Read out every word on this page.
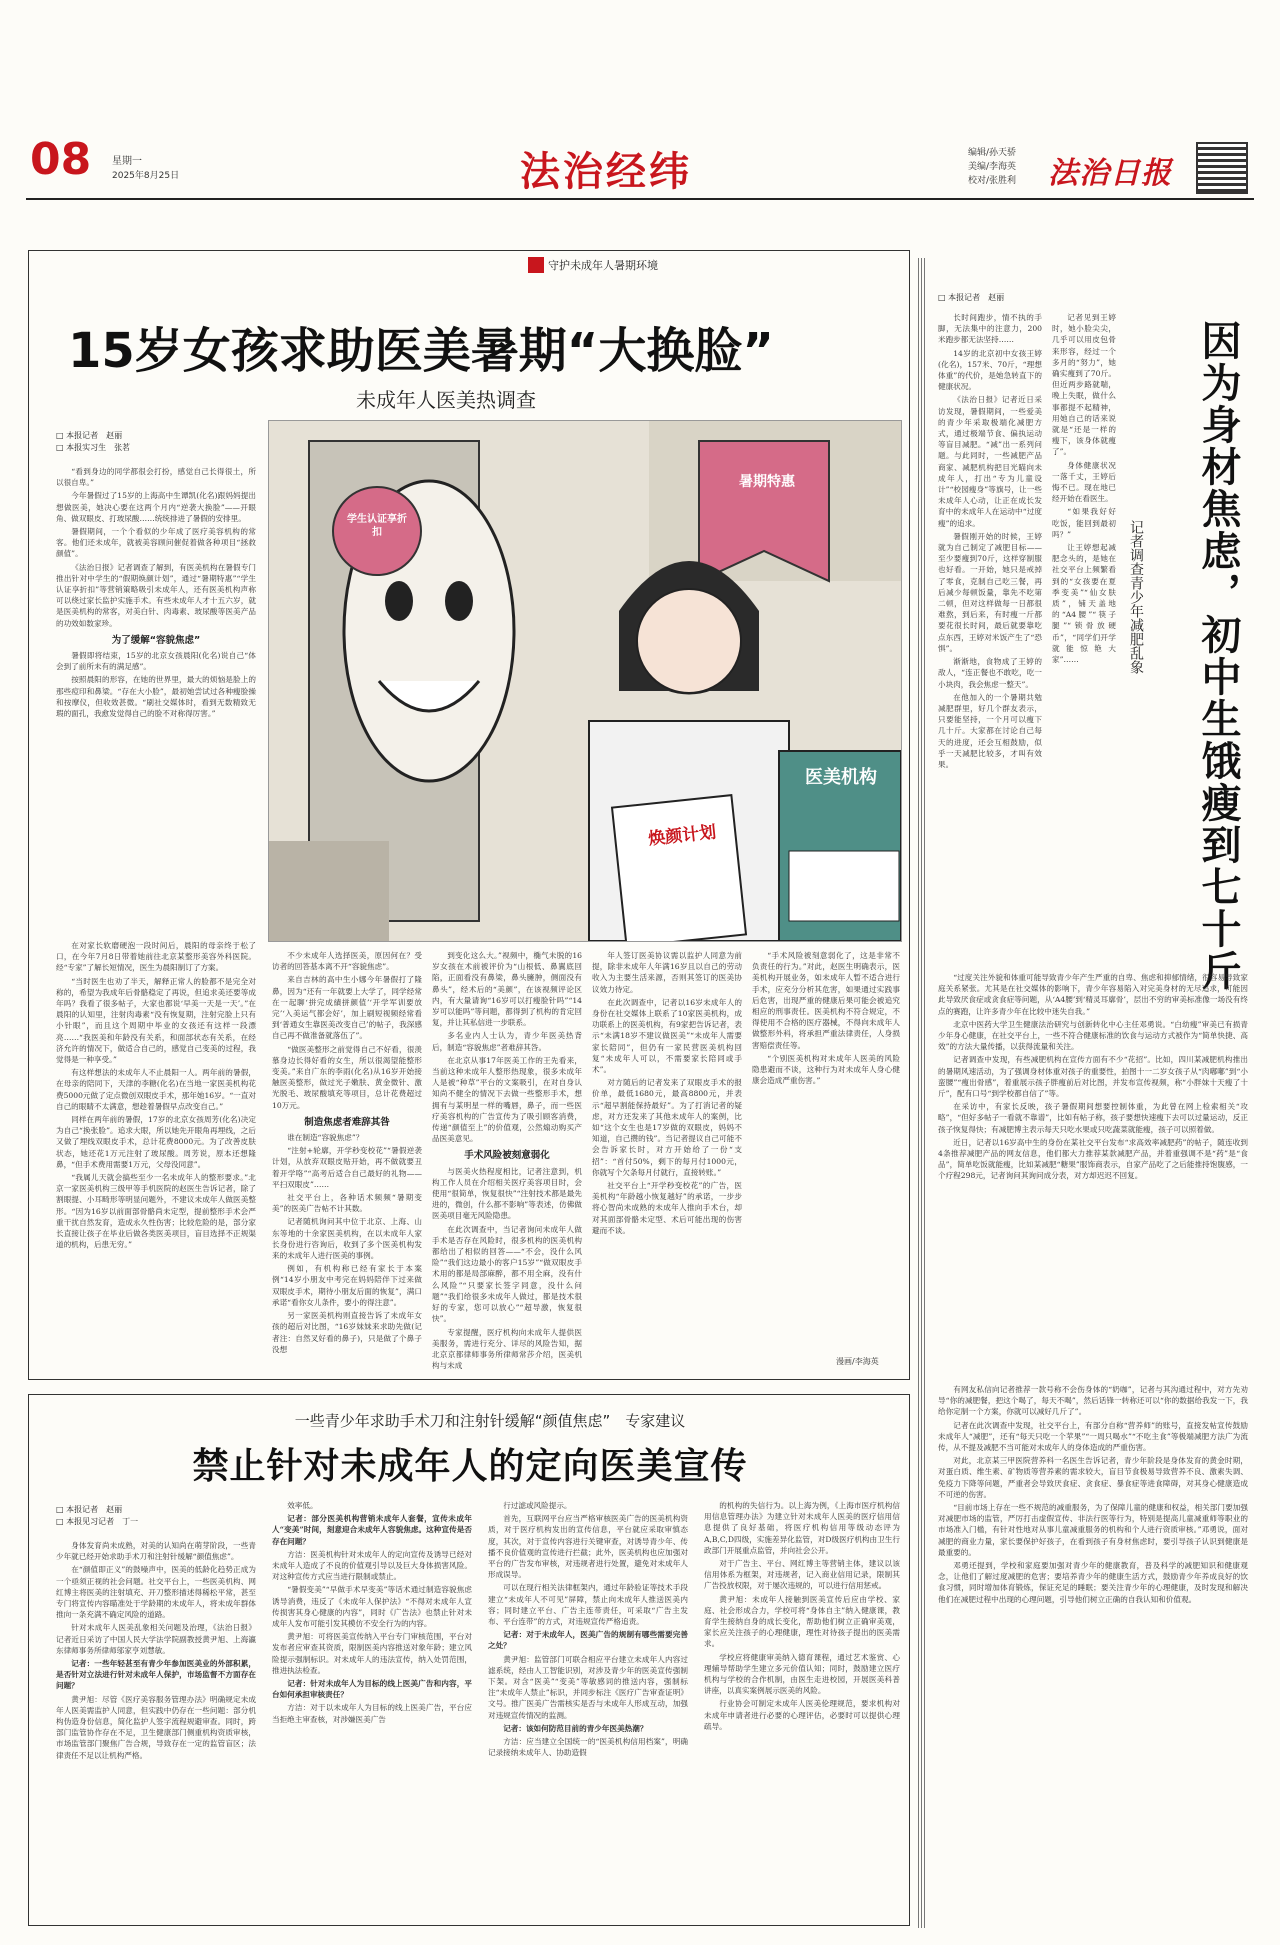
08 星期一
2025年8月25日	法治经纬	编辑/孙天骄
美编/李海英
校对/张胜利 法治日报
守护未成年人暑期环境
15岁女孩求助医美暑期“大换脸”
未成年人医美热调查
□ 本报记者　赵丽
□ 本报实习生　张茗
暑期特惠
学生认证享折扣
医美机构
焕颜计划

“看到身边的同学都很会打扮，感觉自己长得很土，所以很自卑。”

今年暑假过了15岁的上海高中生谭凯(化名)跟妈妈提出想做医美，她决心要在这两个月内“逆袭大换脸”——开眼角、做双眼皮、打玻尿酸……统统排进了暑假的安排里。

暑假期间，一个个看似的少年成了医疗美容机构的常客。他们还未成年，就被美容顾问催促着做各种项目“拯救颜值”。

《法治日报》记者调查了解到，有医美机构在暑假专门推出针对中学生的“假期焕颜计划”，通过“暑期特惠”“学生认证享折扣”等营销策略吸引未成年人，还有医美机构声称可以绕过家长监护实施手术。有些未成年人才十五六岁，就是医美机构的常客，对美白针、肉毒素、玻尿酸等医美产品的功效如数家珍。

为了缓解“容貌焦虑”

暑假即将结束，15岁的北京女孩晨阳(化名)说自己“体会到了前所未有的满足感”。

按照晨阳的形容，在她的世界里，最大的烦恼是脸上的那些痘印和鼻梁。“存在大小脸”，最初她尝试过各种瘦脸操和按摩仪，但收效甚微。“刷社交媒体时，看到无数精致无瑕的面孔，我愈发觉得自己的脸不对称得厉害。”

在对家长软磨硬泡一段时间后，晨阳的母亲终于松了口，在今年7月8日带着她前往北京某整形美容外科医院。经“专家”了解长短情况，医生为晨阳制订了方案。

“当时医生也劝了半天，解释正常人的脸都不是完全对称的，希望为我成年后骨骼稳定了再说，但追求美还要等成年吗？我看了很多帖子，大家也都说‘早美一天是一天’。”在晨阳的认知里，注射肉毒素“没有恢复期，注射完脸上只有小针眼”，而且这个周期中毕业的女孩还有这样一段漂亮……“我医美和年龄没有关系，和面部状态有关系，在经济允许的情况下，做适合自己的，感觉自己变美的过程，我觉得是一种享受。”

有这样想法的未成年人不止晨阳一人。两年前的暑假，在母亲的陪同下，天津的李糖(化名)在当地一家医美机构花费5000元做了定点微创双眼皮手术，那年她16岁。“一直对自己的眼睛不太满意，想趁着暑假早点改变自己。”

同样在两年前的暑假，17岁的北京女孩周芳(化名)决定为自己“换张脸”。追求大眼，所以她先开眼角再埋线，之后又做了埋线双眼皮手术，总计花费8000元。为了改善皮肤状态，她还花1万元注射了玻尿酸。周芳说，原本还想隆鼻，“但手术费用需要1万元，父母没同意”。

“我属儿天就会搞些至少一名未成年人的整形要求。”北京一家医美机构三级甲等手机医院的赵医生告诉记者，除了割眼提、小耳畸形等明显问题外，不建议未成年人做医美整形。“因为16岁以前面部骨骼尚未定型，提前整形手术会严重干扰自然发育，造成永久性伤害；比较危险的是，部分家长直接让孩子在毕业后做各类医美项目，盲目选择不正规渠道的机构，后患无穷。”

不少未成年人选择医美，原因何在？受访者的回答基本离不开“容貌焦虑”。

来自吉林的高中生小娜今年暑假打了隆鼻，因为“还有一年就要上大学了，同学经常在一起聊‘拼完成績拼颜值’‘开学军训要放完’‘入美运气都会好’，加上刷短视频经常看到‘普通女生靠医美改变自己’的帖子，我深感自己再不做准备就落伍了”。

“做医美整形之前觉得自己不好看，很羡慕身边长得好看的女生，所以很渴望能整形变美。”来自广东的李雨(化名)从16岁开始接触医美整形，做过光子嫩肤、黄金微针、激光脱毛、玻尿酸填充等项目，总计花费超过10万元。

制造焦虑者难辞其咎

谁在制造“容貌焦虑”？

“注射+轮廓，开学秒变校花”“暑假逆袭计划，从放弃双眼皮贴开始，再不做就要丑着开学咯”“高考后适合自己最好的礼物——平扫双眼皮”……

社交平台上，各种话术频频“暑期变美”的医美广告帖不计其数。

记者随机询问其中位于北京、上海、山东等地的十余家医美机构，在以未成年人家长身份进行咨询后，收到了多个医美机构发来的未成年人进行医美的事例。

例如，有机构称已经有家长于本案例“14岁小朋友中考完在妈妈陪伴下过来做双眼皮手术，期待小朋友后面的恢复”，满口承诺“看你女儿条件，要小的得注意”。

另一家医美机构则直接告诉了未成年女孩的超后对比图，“16岁妹妹来求助先做(记者注：自然叉好看的鼻子)，只是做了个鼻子没想

到变化这么大。”视频中，椭气未脱的16岁女孩在术前被评价为“山根低、鼻翼底回陷，正面看没有鼻梁，鼻头臃肿，侧面没有鼻头”，经术后的“美颜”，在该视频评论区内，有大量请询“16岁可以打瘦脸针吗”“14岁可以能吗”等问题，都得到了机构的肯定回复，并让其私信进一步联系。

多名业内人士认为，青少年医美热背后，制造“容貌焦虑”者难辞其咎。

在北京从事17年医美工作的王先看来，当前这种未成年人整形热现象，很多未成年人是被“种草”平台的文案吸引，在对自身认知尚不健全的情况下去做一些整形手术，想拥有与某明星一样的嘴唇，鼻子，而一些医疗美容机构的广告宣传为了吸引顾客消费，传递“颜值至上”的价值观，公然煽动购买产品医美意见。

手术风险被刻意弱化

与医美火热程度相比，记者注意到，机构工作人员在介绍相关医疗美容项目时，会使用“很简单，恢复很快”“注射技术都是最先进的，微创，什么都不影响”等表述，仿佛做医美项目毫无风险隐患。

在此次调查中，当记者询问未成年人做手术是否存在风险时，很多机构的医美机构都给出了相似的回答——“不会，没什么风险”“我们这边最小的客户15岁”“做双眼皮手术用的都是局部麻醉，都不用全麻，没有什么风险”“只要家长签字同意，没什么问题”“我们给很多未成年人做过，都是技术很好的专家，您可以放心”“超导激，恢复很快”。

专家提醒，医疗机构向未成年人提供医美服务，需进行充分、详尽的风险告知，据北京京都律师事务所律师常莎介绍，医美机构与未成

年人签订医美协议需以监护人同意为前提，除非未成年人年满16岁且以自己的劳动收入为主要生活来源，否则其签订的医美协议效力待定。

在此次调查中，记者以16岁未成年人的身份在社交媒体上联系了10家医美机构，成功联系上的医美机构，有9家把告诉记者，表示“未满18岁不建议做医美”“未成年人需要家长陪同”，但仍有一家民营医美机构回复“未成年人可以，不需要家长陪同或手术”。

对方随后的记者发来了双眼皮手术的报价单，最低1680元，最高8800元，并表示“超早割能保持最好”。为了打消记者的疑虑，对方还发来了其他未成年人的案例，比如“这个女生也是17岁做的双眼皮，妈妈不知道，自己攒的钱”。当记者提议自己可能不会告诉家长时，对方开始给了一份“支招”：“首付50%，剩下的每月付1000元，你就写个欠条每月付就行，直接转账。”

社交平台上“开学秒变校花”的广告，医美机构“年龄越小恢复越好”的承诺，一步步将心智尚未成熟的未成年人推向手术台，却对其面部骨骼未定型、术后可能出现的伤害避而不谈。

“手术风险被刻意弱化了，这是非常不负责任的行为。”对此，赵医生明确表示，医美机构开展业务，如未成年人暂不适合进行手术，应充分分析其危害，如果通过实践事后危害，出现严重的健康后果可能会被追究相应的刑事责任。医美机构不符合规定，不得使用不合格的医疗器械，不得向未成年人做整形外科，将承担严重法律责任，人身损害赔偿责任等。

“个别医美机构对未成年人医美的风险隐患避而不谈，这种行为对未成年人身心健康会造成严重伤害。”

漫画/李海英
□ 本报记者　赵丽
因为身材焦虑，初中生饿瘦到七十斤
记者调查青少年减肥乱象

长时间跑步，情不执的手脚，无法集中的注意力，200米跑步都无法坚持……

14岁的北京初中女孩王婷(化名)，157米、70斤，“理想体重”的代价，是她急转直下的健康状况。

《法治日报》记者近日采访发现，暑假期间，一些爱美的青少年采取极端化减肥方式，通过极端节食、偏执运动等盲目减肥。“减”出一系列问题。与此同时，一些减肥产品商家、减肥机构把目光瞄向未成年人，打出“专为儿童设计”“校园瘦身”等旗号，让一些未成年人心动，让正在成长发育中的未成年人在运动中“过度瘦”的追求。

暑假刚开始的时候，王婷就为自己制定了减肥目标——至少要瘦到70斤，这样穿制服也好看。一开始，她只是戒掉了零食，克制自己吃三餐，再后减少每顿饭量，靠先不吃第二顿，但对这样做每一日都很难熬，到后来，有时瘦一斤都要花很长时间，最后就要靠吃点东西，王婷对米饭产生了“恐惧”。

渐渐地，食物成了王婷的敌人，“连正餐也不敢吃，吃一小块肉，我会焦虑一整天”。

在他加入的一个暑期共勉减肥群里，好几个群友表示，只要能坚持，一个月可以瘦下几十斤。大家都在讨论自己每天的进度，还会互相鼓励，似乎一天减肥比较多，才叫有效果。

记者见到王婷时，她小脸尖尖，几乎可以用皮包骨来形容，经过一个多月的“努力”，她确实瘦到了70斤。但近两步路就喘，晚上失眠，做什么事都提不起精神，用她自己的话来说就是“还是一样的瘦下，该身体就瘦了”。

身体健康状况一落千丈，王婷后悔不已。现在地已经开始在看医生。

“如果我好好吃饭，能回到最初吗？”

让王婷想起减肥念头的，是她在社交平台上频繁看到的“女孩要在夏季变美”“仙女肤质”，铺天盖地的“A4腰”“筷子腿”“锁骨放硬币”，“同学们开学就能惊艳大家”……

“过度关注外貌和体重可能导致青少年产生严重的自卑、焦虑和抑郁情绪，很容易导致家庭关系紧张。尤其是在社交媒体的影响下，青少年容易陷入对完美身材的无尽追求，可能因此导致厌食症或贪食症等问题，从‘A4腰’到‘精灵耳廓骨’，层出不穷的审美标准像一场没有终点的赛跑，让许多青少年在比较中迷失自我。”

北京中医药大学卫生健康法治研究与创新转化中心主任邓勇说。“白幼瘦”审美已有损青少年身心健康，在社交平台上，一些不符合健康标准的饮食与运动方式被作为“简单快捷、高效”的方法大量传播，以获得流量和关注。

记者调查中发现，有些减肥机构在宣传方面有不少“花招”。比如，四川某减肥机构推出的暑期风速活动，为了强调身材体重对孩子的重要性，拍图十一二岁女孩子从“肉嘟嘟”到“小蛮腰”“瘦出骨感”，着重展示孩子胖瘦前后对比图，并发布宣传视频，称“小胖妹十天瘦了十斤”，配有口号“到学校都自信了”等。

在采访中，有家长反映，孩子暑假期间想要控制体重，为此曾在网上检索相关“攻略”，“但好多帖子一看就不靠谱”，比如有帖子称，孩子要想快速瘦下去可以过量运动，反正孩子恢复得快；有减肥博主表示每天只吃水果或只吃蔬菜就能瘦，孩子可以照着做。

近日，记者以16岁高中生的身份在某社交平台发布“求高效率减肥药”的帖子，随连收到4条推荐减肥产品的网友信息，他们都大力推荐某款减肥产品，并着重强调不是“药”是“食品”，简单吃饭就能瘦，比如某减肥“糖果”服饰商表示，自家产品吃了之后能推持饱腹感，一个疗程298元，记者询问其询问成分表，对方却迟迟不回复。

有网友私信向记者推荐一款号称不会伤身体的“奶咖”，记者与其沟通过程中，对方先劝导“你的减肥餐，把这个喝了，每天不喝”，然后话锋一转称还可以“你的数据给我发一下，我给你定制一个方案，你就可以减好几斤了”。

记者在此次调查中发现，社交平台上，有部分自称“营养师”的账号，直接发帖宣传鼓励未成年人“减肥”，还有“每天只吃一个苹果”“一周只喝水”“不吃主食”等极端减肥方法广为流传，从不提及减肥不当可能对未成年人的身体造成的严重伤害。

对此，北京某三甲医院营养科一名医生告诉记者，青少年阶段是身体发育的黄金时期，对蛋白质、维生素、矿物质等营养素的需求较大，盲目节食极易导致营养不良、激素失调、免疫力下降等问题，严重者会导致厌食症、贪食症、暴食症等进食障碍，对其身心健康造成不可逆的伤害。

“目前市场上存在一些不规范的减重服务，为了保障儿童的健康和权益，相关部门要加强对减肥市场的监管，严厉打击虚假宣传、非法行医等行为，特别是提高儿童减重师等职业的市场准入门槛，有针对性地对从事儿童减重服务的机构和个人进行资质审核。”邓勇说，面对减肥的商业力量，家长要保护好孩子，在看到孩子有身材焦虑时，要引导孩子认识到健康是最重要的。

邓勇还提到，学校和家庭要加强对青少年的健康教育，普及科学的减肥知识和健康观念，让他们了解过度减肥的危害；要培养青少年的健康生活方式，鼓励青少年养成良好的饮食习惯，同时增加体育锻炼，保证充足的睡眠；要关注青少年的心理健康，及时发现和解决他们在减肥过程中出现的心理问题，引导他们树立正确的自我认知和价值观。

一些青少年求助手术刀和注射针缓解“颜值焦虑”　专家建议
禁止针对未成年人的定向医美宣传
□ 本报记者　赵丽
□ 本报见习记者　丁一

身体发育尚未成熟，对美的认知尚在萌芽阶段，一些青少年就已经开始求助手术刀和注射针缓解“颜值焦虑”。

在“颜值即正义”的鼓噪声中，医美的低龄化趋势正成为一个亟须正视的社会问题。社交平台上，一些医美机构、网红博主将医美的注射填充、开刀整形描述得稀松平常，甚至专门将宣传内容瞄准处于学龄期的未成年人，将未成年群体推向一条充满不确定风险的道路。

针对未成年人医美乱象相关问题及治理，《法治日报》记者近日采访了中国人民大学法学院副教授黄尹旭、上海瀛东律师事务所律师邬家亨刘慧敏。

记者：一些年轻甚至有青少年参加医美业的外部积累，是否针对立法进行针对未成年人保护，市场监督不方面存在问题？

黄尹旭：尽管《医疗美容服务管理办法》明确规定未成年人医美需监护人同意，但实践中仍存在一些问题：部分机构伪造身份信息，简化监护人签字流程规避审查。同时，跨部门监管协作存在不足，卫生健康部门侧重机构资质审核，市场监管部门聚焦广告合规，导致存在一定的监管盲区；法律责任不足以让机构严格。

效率低。

记者：部分医美机构营销未成年人套餐，宣传未成年人“变美”时间，刻意迎合未成年人容貌焦虑。这种宣传是否存在问题？

方洁：医美机构针对未成年人的定向宣传及诱导已经对未成年人造成了不良的价值观引导以及巨大身体损害风险。对这种宣传方式应当进行限制或禁止。

“暑假变美”“早做手术早变美”等话术通过制造容貌焦虑诱导消费，违反了《未成年人保护法》“不得对未成年人宣传损害其身心健康的内容”，同时《广告法》也禁止针对未成年人发布可能引发其模仿不安全行为的内容。

黄尹旭：可将医美宣传纳入平台专门审核范围，平台对发布者应审查其资质，限制医美内容推送对象年龄；建立风险提示强制标识。对未成年人的违法宣传，纳入处罚范围，推进执法检查。

记者：针对未成年人为目标的线上医美广告和内容，平台如何承担审核责任？

方洁：对于以未成年人为目标的线上医美广告，平台应当拒绝主审查核，对涉嫌医美广告

行过滤或风险提示。

首先，互联网平台应当严格审核医美广告的医美机构资质，对于医疗机构发出的宣传信息，平台就应采取审慎态度，其次，对于宣传内容进行关键审查，对诱导青少年、传播不良价值观的宣传进行拦截；此外，医美机构也应加强对平台的广告发布审核，对违规者进行处置，避免对未成年人形成误导。

可以在现行相关法律框架内，通过年龄验证等技术手段建立“未成年人不可见”屏障，禁止向未成年人推送医美内容；同时建立平台、广告主连带责任，可采取“广告主发布、平台连带”的方式，对违规宣传严格追责。

记者：对于未成年人，医美广告的规制有哪些需要完善之处？

黄尹旭：监管部门可联合相应平台建立未成年人内容过滤系统，经由人工智能识别，对涉及青少年的医美宣传强制下架。对含“医美”“变美”等敏感词的推送内容，强制标注“未成年人禁止”标识，并同步标注《医疗广告审查证明》文号。推广医美广告需核实是否与未成年人形成互动，加强对违规宣传情况的监测。

记者：该如何防范目前的青少年医美热潮？

方洁：应当建立全国统一的“医美机构信用档案”，明确记录接纳未成年人、协助造假

的机构的失信行为。以上海为例，《上海市医疗机构信用信息管理办法》为建立针对未成年人医美的医疗信用信息提供了良好基础，将医疗机构信用等级动态评为A,B,C,D四级，实施差异化监管，对D级医疗机构由卫生行政部门开展重点监管，并向社会公开。

对于广告主、平台、网红博主等营销主体，建议以该信用体系为框架，对违规者，记入商业信用记录，限制其广告投放权限，对于屡次违规的，可以进行信用惩戒。

黄尹旭：未成年人接触到医美宣传后应由学校、家庭、社会形成合力，学校可将“身体自主”纳入健康课，教育学生接纳自身的成长变化，帮助他们树立正确审美观，家长应关注孩子的心理健康，理性对待孩子提出的医美需求。

学校应将健康审美纳入德育课程，通过艺术鉴赏、心理辅导帮助学生建立多元价值认知；同时，鼓励建立医疗机构与学校的合作机制，由医生走进校园，开展医美科普讲座，以真实案例展示医美的风险。

行业协会可制定未成年人医美伦理规范，要求机构对未成年申请者进行必要的心理评估，必要时可以提供心理疏导。
